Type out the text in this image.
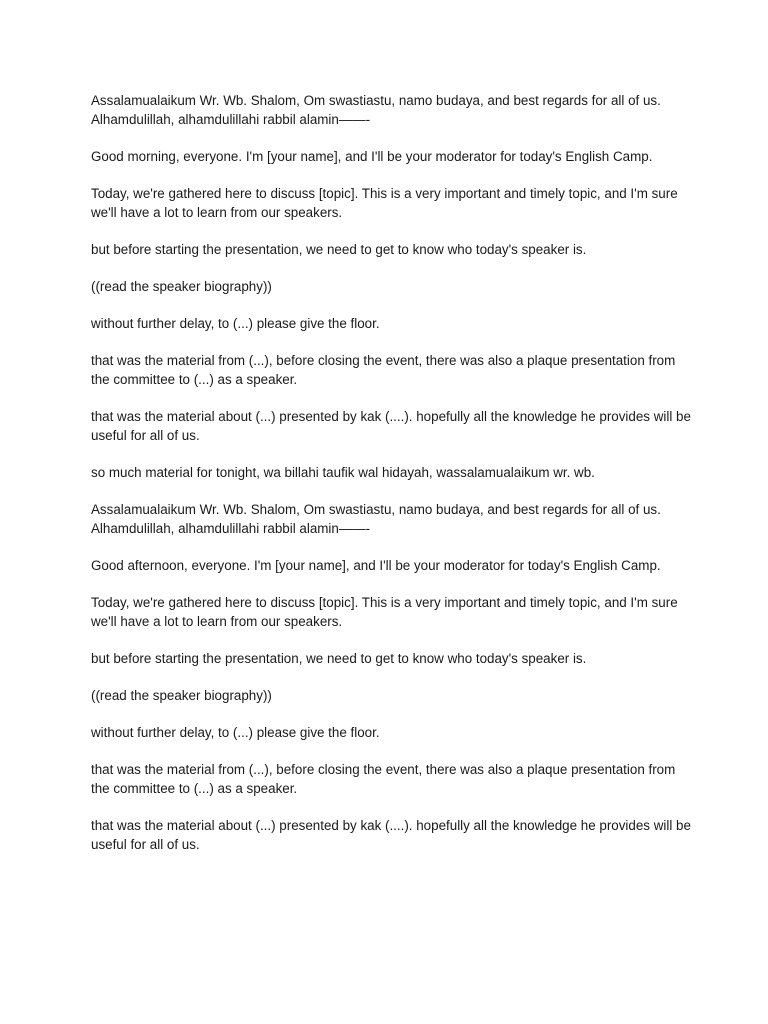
Assalamualaikum Wr. Wb. Shalom, Om swastiastu, namo budaya, and best regards for all of us.
Alhamdulillah, alhamdulillahi rabbil alamin——-

Good morning, everyone. I'm [your name], and I'll be your moderator for today's English Camp.

Today, we're gathered here to discuss [topic]. This is a very important and timely topic, and I'm sure we'll have a lot to learn from our speakers.

but before starting the presentation, we need to get to know who today's speaker is.

((read the speaker biography))

without further delay, to (...) please give the floor.

that was the material from (...), before closing the event, there was also a plaque presentation from the committee to (...) as a speaker.

that was the material about (...) presented by kak (....). hopefully all the knowledge he provides will be useful for all of us.

so much material for tonight, wa billahi taufik wal hidayah, wassalamualaikum wr. wb.

Assalamualaikum Wr. Wb. Shalom, Om swastiastu, namo budaya, and best regards for all of us.
Alhamdulillah, alhamdulillahi rabbil alamin——-

Good afternoon, everyone. I'm [your name], and I'll be your moderator for today's English Camp.

Today, we're gathered here to discuss [topic]. This is a very important and timely topic, and I'm sure we'll have a lot to learn from our speakers.

but before starting the presentation, we need to get to know who today's speaker is.

((read the speaker biography))

without further delay, to (...) please give the floor.

that was the material from (...), before closing the event, there was also a plaque presentation from the committee to (...) as a speaker.

that was the material about (...) presented by kak (....). hopefully all the knowledge he provides will be useful for all of us.
